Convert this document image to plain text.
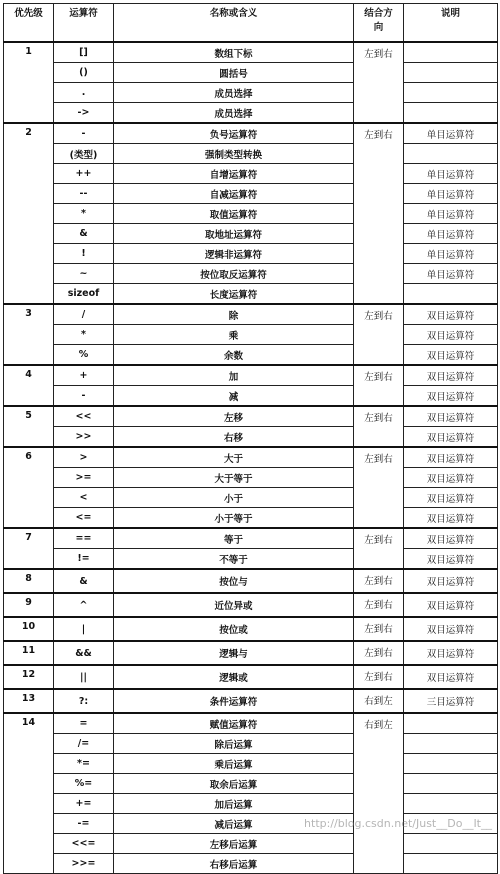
优先级	运算符	名称或含义	结合方向	说明
1	[]	数组下标	左到右	
	()	圆括号		
	.	成员选择		
	->	成员选择		
2	-	负号运算符	左到右	单目运算符
	(类型)	强制类型转换		
	++	自增运算符		单目运算符
	--	自减运算符		单目运算符
	*	取值运算符		单目运算符
	&	取地址运算符		单目运算符
	!	逻辑非运算符		单目运算符
	~	按位取反运算符		单目运算符
	sizeof	长度运算符		
3	/	除	左到右	双目运算符
	*	乘		双目运算符
	%	余数		双目运算符
4	+	加	左到右	双目运算符
	-	减		双目运算符
5	<<	左移	左到右	双目运算符
	>>	右移		双目运算符
6	>	大于	左到右	双目运算符
	>=	大于等于		双目运算符
	<	小于		双目运算符
	<=	小于等于		双目运算符
7	==	等于	左到右	双目运算符
	!=	不等于		双目运算符
8	&	按位与	左到右	双目运算符
9	^	近位异或	左到右	双目运算符
10	|	按位或	左到右	双目运算符
11	&&	逻辑与	左到右	双目运算符
12	||	逻辑或	左到右	双目运算符
13	?:	条件运算符	右到左	三目运算符
14	=	赋值运算符	右到左	
	/=	除后运算		
	*=	乘后运算		
	%=	取余后运算		
	+=	加后运算		
	-=	减后运算		
	<<=	左移后运算		
	>>=	右移后运算		
http://blog.csdn.net/Just__Do__It__
